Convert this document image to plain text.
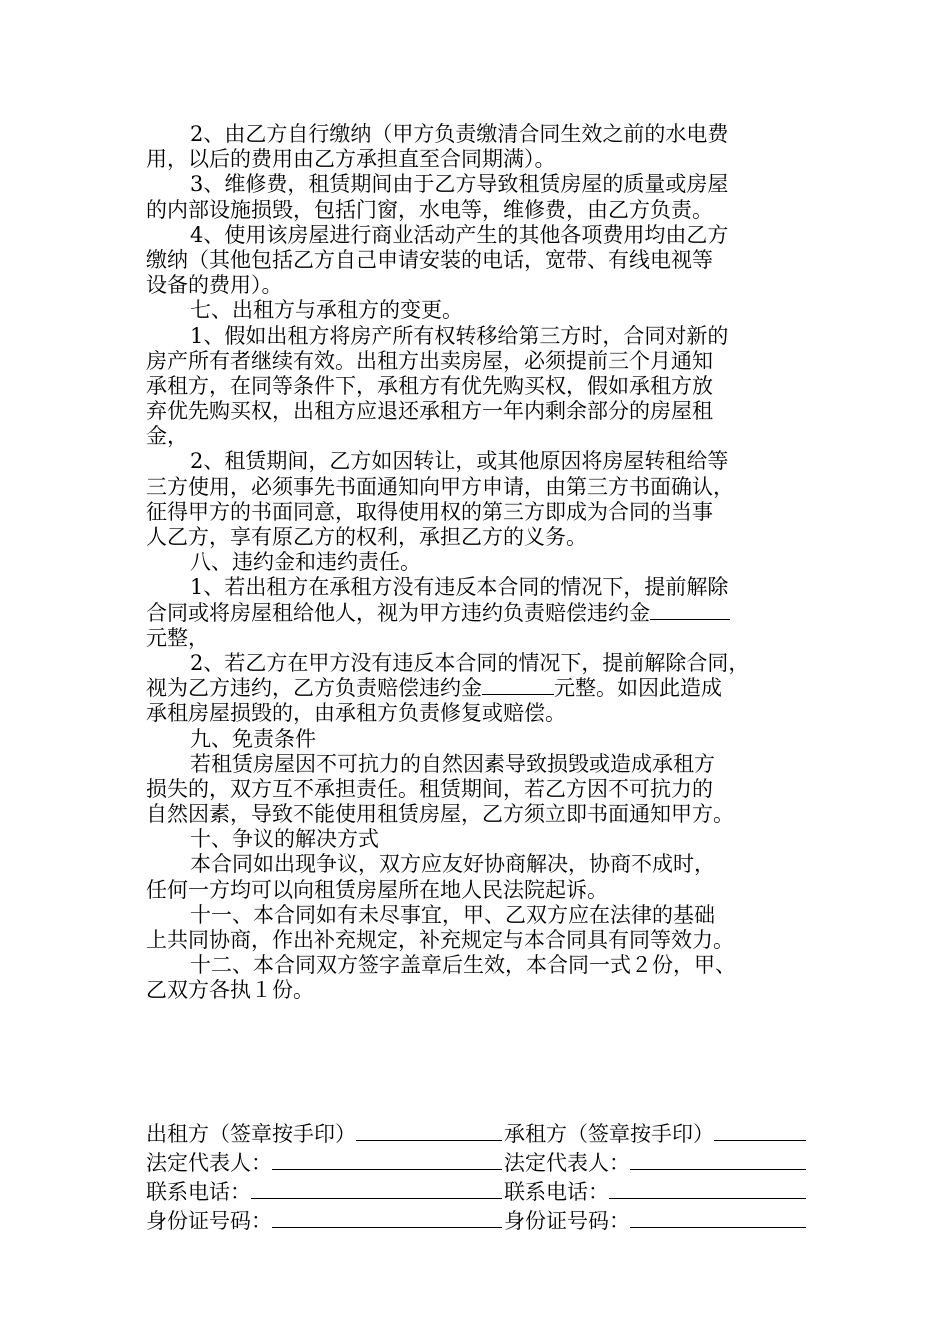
2、由乙方自行缴纳（甲方负责缴清合同生效之前的水电费
用，以后的费用由乙方承担直至合同期满）。
3、维修费，租赁期间由于乙方导致租赁房屋的质量或房屋
的内部设施损毁，包括门窗，水电等，维修费，由乙方负责。
4、使用该房屋进行商业活动产生的其他各项费用均由乙方
缴纳（其他包括乙方自己申请安装的电话，宽带、有线电视等
设备的费用）。
七、出租方与承租方的变更。
1、假如出租方将房产所有权转移给第三方时，合同对新的
房产所有者继续有效。出租方出卖房屋，必须提前三个月通知
承租方，在同等条件下，承租方有优先购买权，假如承租方放
弃优先购买权，出租方应退还承租方一年内剩余部分的房屋租
金，
2、租赁期间，乙方如因转让，或其他原因将房屋转租给等
三方使用，必须事先书面通知向甲方申请，由第三方书面确认，
征得甲方的书面同意，取得使用权的第三方即成为合同的当事
人乙方，享有原乙方的权利，承担乙方的义务。
八、违约金和违约责任。
1、若出租方在承租方没有违反本合同的情况下，提前解除
合同或将房屋租给他人，视为甲方违约负责赔偿违约金
元整，
2、若乙方在甲方没有违反本合同的情况下，提前解除合同，
视为乙方违约，乙方负责赔偿违约金	元整。如因此造成
承租房屋损毁的，由承租方负责修复或赔偿。
九、免责条件
若租赁房屋因不可抗力的自然因素导致损毁或造成承租方
损失的，双方互不承担责任。租赁期间，若乙方因不可抗力的
自然因素，导致不能使用租赁房屋，乙方须立即书面通知甲方。
十、争议的解决方式
本合同如出现争议，双方应友好协商解决，协商不成时，
任何一方均可以向租赁房屋所在地人民法院起诉。
十一、本合同如有未尽事宜，甲、乙双方应在法律的基础
上共同协商，作出补充规定，补充规定与本合同具有同等效力。
十二、本合同双方签字盖章后生效，本合同一式２份，甲、
乙双方各执１份。
出租方（签章按手印）	承租方（签章按手印）
法定代表人：	法定代表人：
联系电话：	联系电话：
身份证号码：	身份证号码：
